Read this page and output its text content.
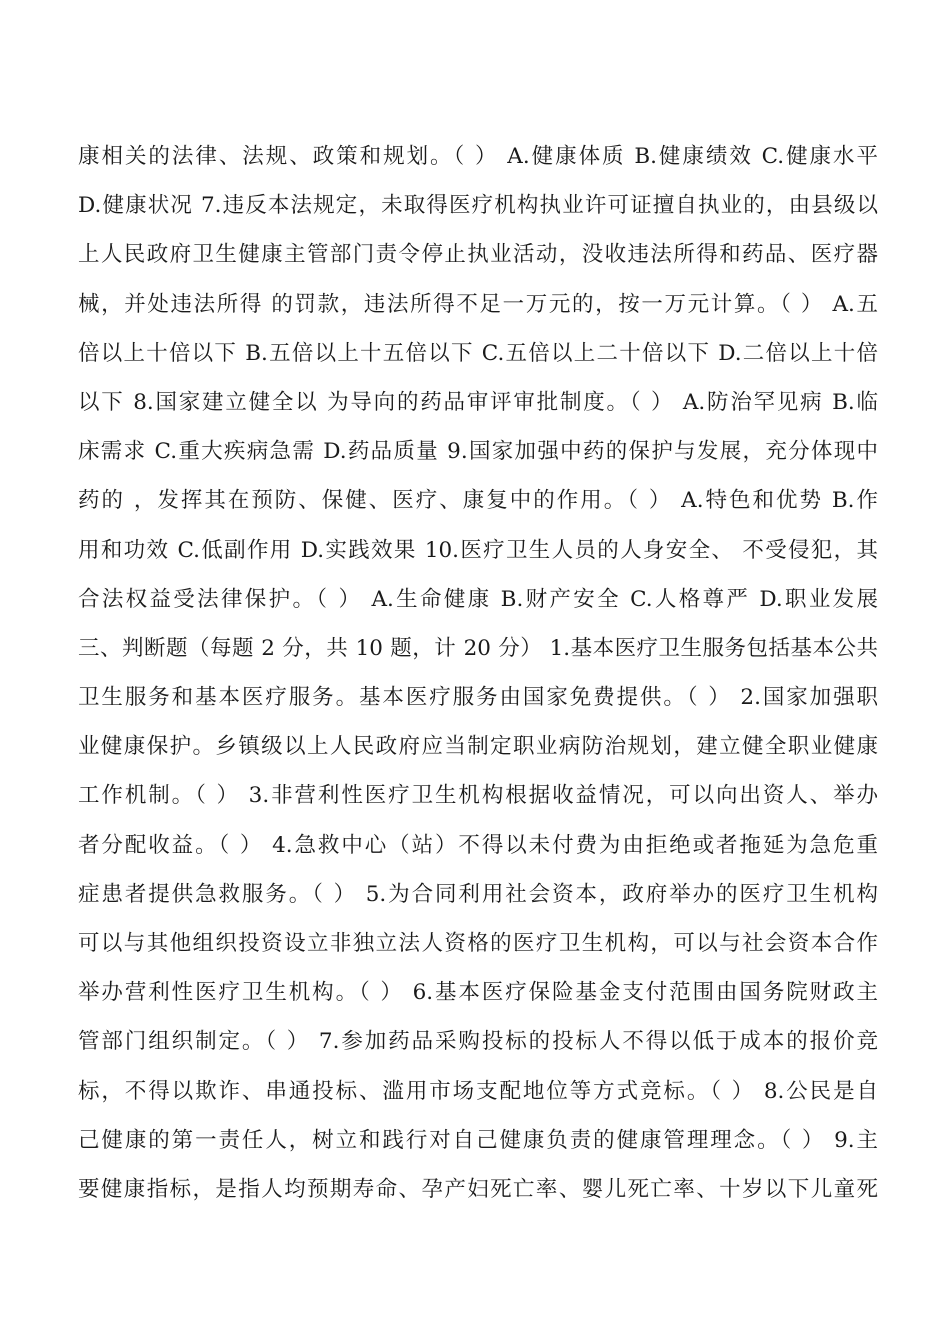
康相关的法律、法规、政策和规划。（ ） A.健康体质 B.健康绩效 C.健康水平
D.健康状况 7.违反本法规定，未取得医疗机构执业许可证擅自执业的，由县级以
上人民政府卫生健康主管部门责令停止执业活动，没收违法所得和药品、医疗器
械，并处违法所得 的罚款，违法所得不足一万元的，按一万元计算。（ ） A.五
倍以上十倍以下 B.五倍以上十五倍以下 C.五倍以上二十倍以下 D.二倍以上十倍
以下 8.国家建立健全以 为导向的药品审评审批制度。（ ） A.防治罕见病 B.临
床需求 C.重大疾病急需 D.药品质量 9.国家加强中药的保护与发展，充分体现中
药的 ，发挥其在预防、保健、医疗、康复中的作用。（ ） A.特色和优势 B.作
用和功效 C.低副作用 D.实践效果 10.医疗卫生人员的人身安全、 不受侵犯，其
合法权益受法律保护。（ ） A.生命健康 B.财产安全 C.人格尊严 D.职业发展
三、判断题（每题 2 分，共 10 题，计 20 分） 1.基本医疗卫生服务包括基本公共
卫生服务和基本医疗服务。基本医疗服务由国家免费提供。（ ） 2.国家加强职
业健康保护。乡镇级以上人民政府应当制定职业病防治规划，建立健全职业健康
工作机制。（ ） 3.非营利性医疗卫生机构根据收益情况，可以向出资人、举办
者分配收益。（ ） 4.急救中心（站）不得以未付费为由拒绝或者拖延为急危重
症患者提供急救服务。（ ） 5.为合同利用社会资本，政府举办的医疗卫生机构
可以与其他组织投资设立非独立法人资格的医疗卫生机构，可以与社会资本合作
举办营利性医疗卫生机构。（ ） 6.基本医疗保险基金支付范围由国务院财政主
管部门组织制定。（ ） 7.参加药品采购投标的投标人不得以低于成本的报价竞
标，不得以欺诈、串通投标、滥用市场支配地位等方式竞标。（ ） 8.公民是自
己健康的第一责任人，树立和践行对自己健康负责的健康管理理念。（ ） 9.主
要健康指标，是指人均预期寿命、孕产妇死亡率、婴儿死亡率、十岁以下儿童死
